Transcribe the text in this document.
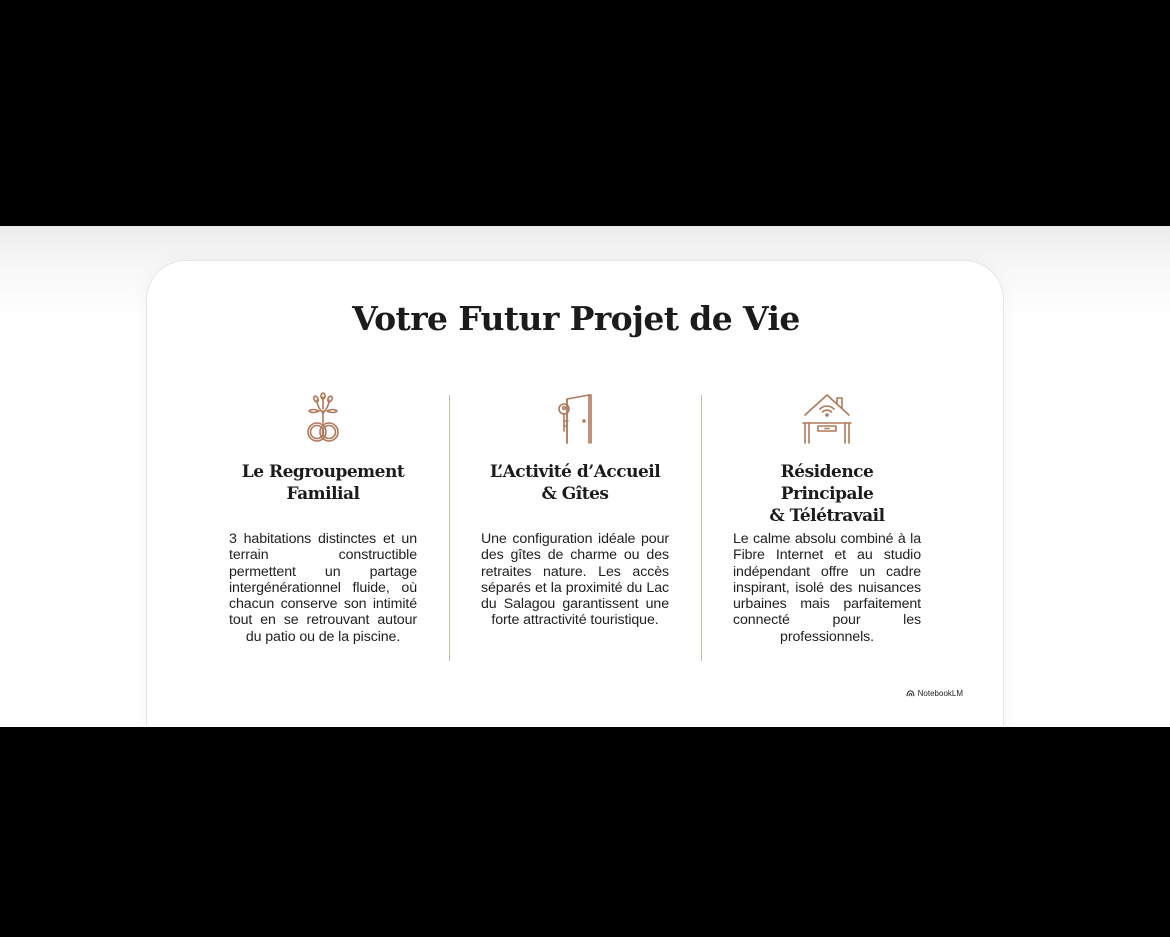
Votre Futur Projet de Vie
Le Regroupement
Familial

3 habitations distinctes et un terrain constructible permettent un partage intergénérationnel fluide, où chacun conserve son intimité tout en se retrouvant autour du patio ou de la piscine.

L’Activité d’Accueil
& Gîtes

Une configuration idéale pour des gîtes de charme ou des retraites nature. Les accès séparés et la proximité du Lac du Salagou garantissent une forte attractivité touristique.

Résidence Principale
& Télétravail

Le calme absolu combiné à la Fibre Internet et au studio indépendant offre un cadre inspirant, isolé des nuisances urbaines mais parfaitement connecté pour les professionnels.

NotebookLM
